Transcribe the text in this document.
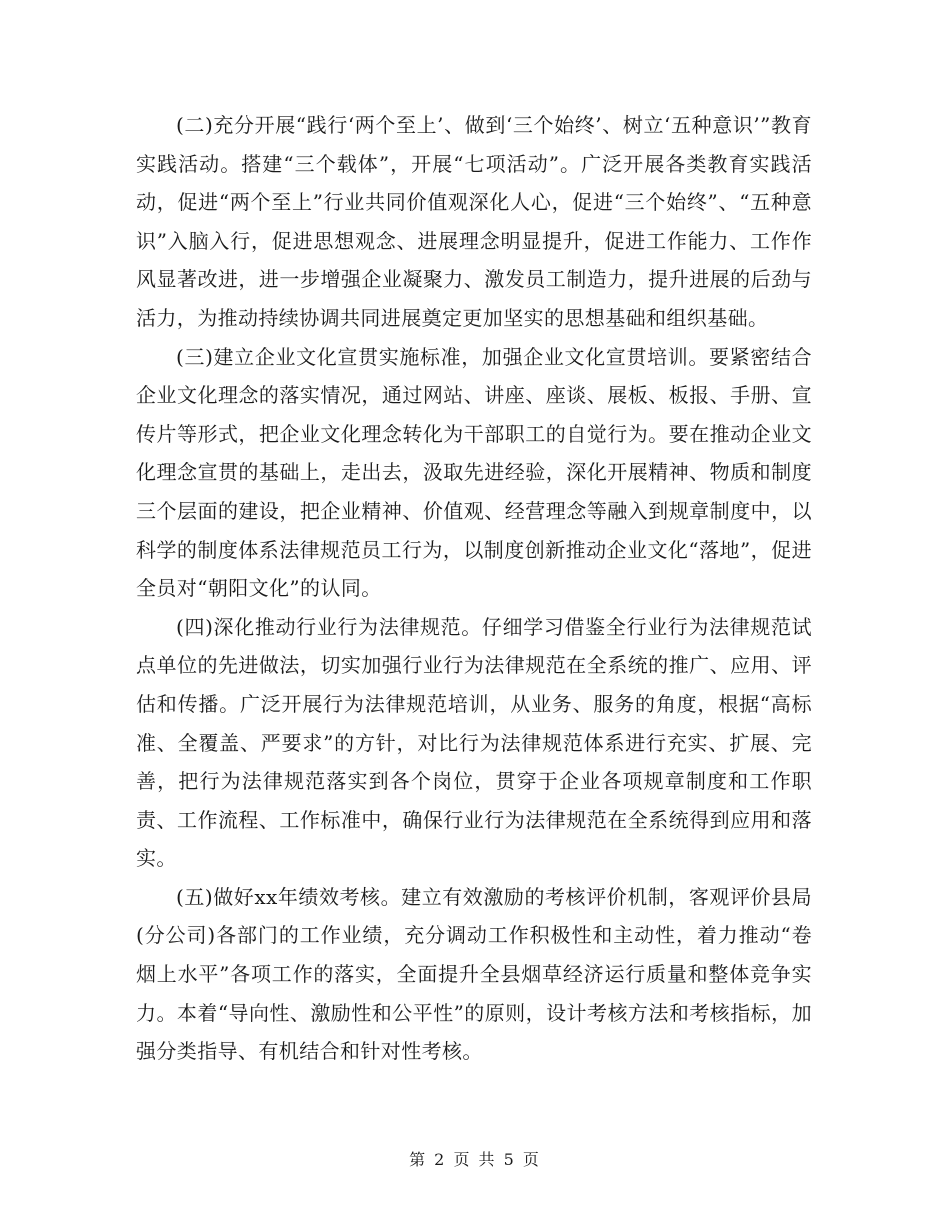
(二)充分开展“践行‘两个至上’、做到‘三个始终’、树立‘五种意识’”教育实践活动。搭建“三个载体”，开展“七项活动”。广泛开展各类教育实践活动，促进“两个至上”行业共同价值观深化人心，促进“三个始终”、“五种意识”入脑入行，促进思想观念、进展理念明显提升，促进工作能力、工作作风显著改进，进一步增强企业凝聚力、激发员工制造力，提升进展的后劲与活力，为推动持续协调共同进展奠定更加坚实的思想基础和组织基础。

(三)建立企业文化宣贯实施标准，加强企业文化宣贯培训。要紧密结合企业文化理念的落实情况，通过网站、讲座、座谈、展板、板报、手册、宣传片等形式，把企业文化理念转化为干部职工的自觉行为。要在推动企业文化理念宣贯的基础上，走出去，汲取先进经验，深化开展精神、物质和制度三个层面的建设，把企业精神、价值观、经营理念等融入到规章制度中，以科学的制度体系法律规范员工行为，以制度创新推动企业文化“落地”，促进全员对“朝阳文化”的认同。

(四)深化推动行业行为法律规范。仔细学习借鉴全行业行为法律规范试点单位的先进做法，切实加强行业行为法律规范在全系统的推广、应用、评估和传播。广泛开展行为法律规范培训，从业务、服务的角度，根据“高标准、全覆盖、严要求”的方针，对比行为法律规范体系进行充实、扩展、完善，把行为法律规范落实到各个岗位，贯穿于企业各项规章制度和工作职责、工作流程、工作标准中，确保行业行为法律规范在全系统得到应用和落实。

(五)做好xx年绩效考核。建立有效激励的考核评价机制，客观评价县局(分公司)各部门的工作业绩，充分调动工作积极性和主动性，着力推动“卷烟上水平”各项工作的落实，全面提升全县烟草经济运行质量和整体竞争实力。本着“导向性、激励性和公平性”的原则，设计考核方法和考核指标，加强分类指导、有机结合和针对性考核。

第 2 页 共 5 页
